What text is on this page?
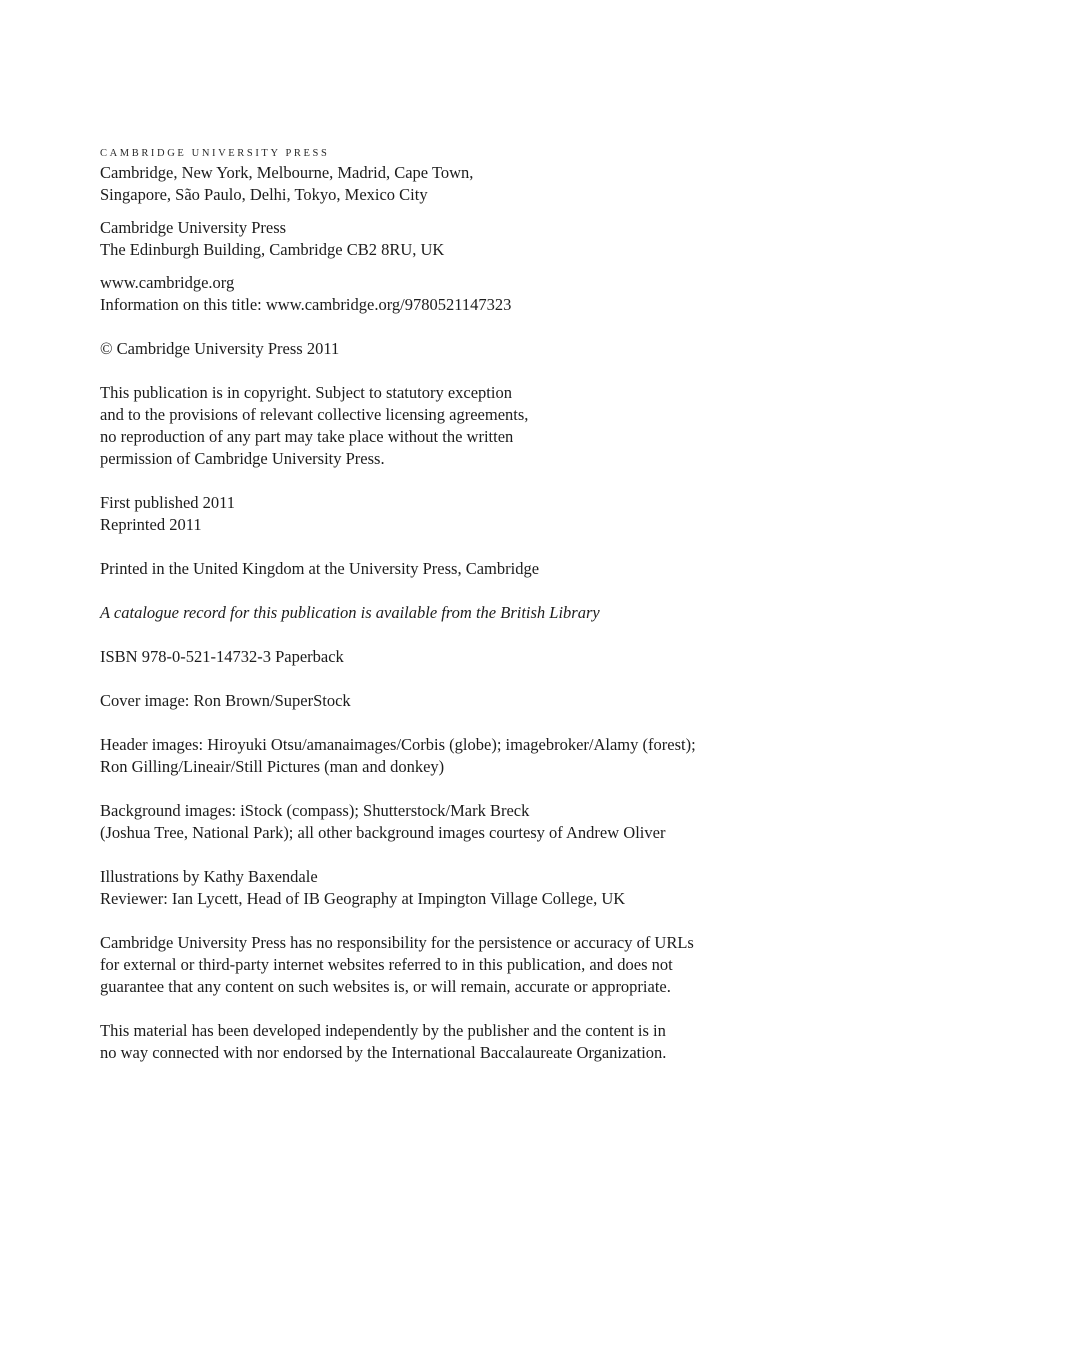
CAMBRIDGE UNIVERSITY PRESS

Cambridge, New York, Melbourne, Madrid, Cape Town,
Singapore, São Paulo, Delhi, Tokyo, Mexico City

Cambridge University Press
The Edinburgh Building, Cambridge CB2 8RU, UK

www.cambridge.org
Information on this title: www.cambridge.org/9780521147323

© Cambridge University Press 2011

This publication is in copyright. Subject to statutory exception
and to the provisions of relevant collective licensing agreements,
no reproduction of any part may take place without the written
permission of Cambridge University Press.

First published 2011
Reprinted 2011

Printed in the United Kingdom at the University Press, Cambridge

A catalogue record for this publication is available from the British Library

ISBN 978-0-521-14732-3 Paperback

Cover image: Ron Brown/SuperStock

Header images: Hiroyuki Otsu/amanaimages/Corbis (globe); imagebroker/Alamy (forest);
Ron Gilling/Lineair/Still Pictures (man and donkey)

Background images: iStock (compass); Shutterstock/Mark Breck
(Joshua Tree, National Park); all other background images courtesy of Andrew Oliver

Illustrations by Kathy Baxendale
Reviewer: Ian Lycett, Head of IB Geography at Impington Village College, UK

Cambridge University Press has no responsibility for the persistence or accuracy of URLs
for external or third-party internet websites referred to in this publication, and does not
guarantee that any content on such websites is, or will remain, accurate or appropriate.

This material has been developed independently by the publisher and the content is in
no way connected with nor endorsed by the International Baccalaureate Organization.
